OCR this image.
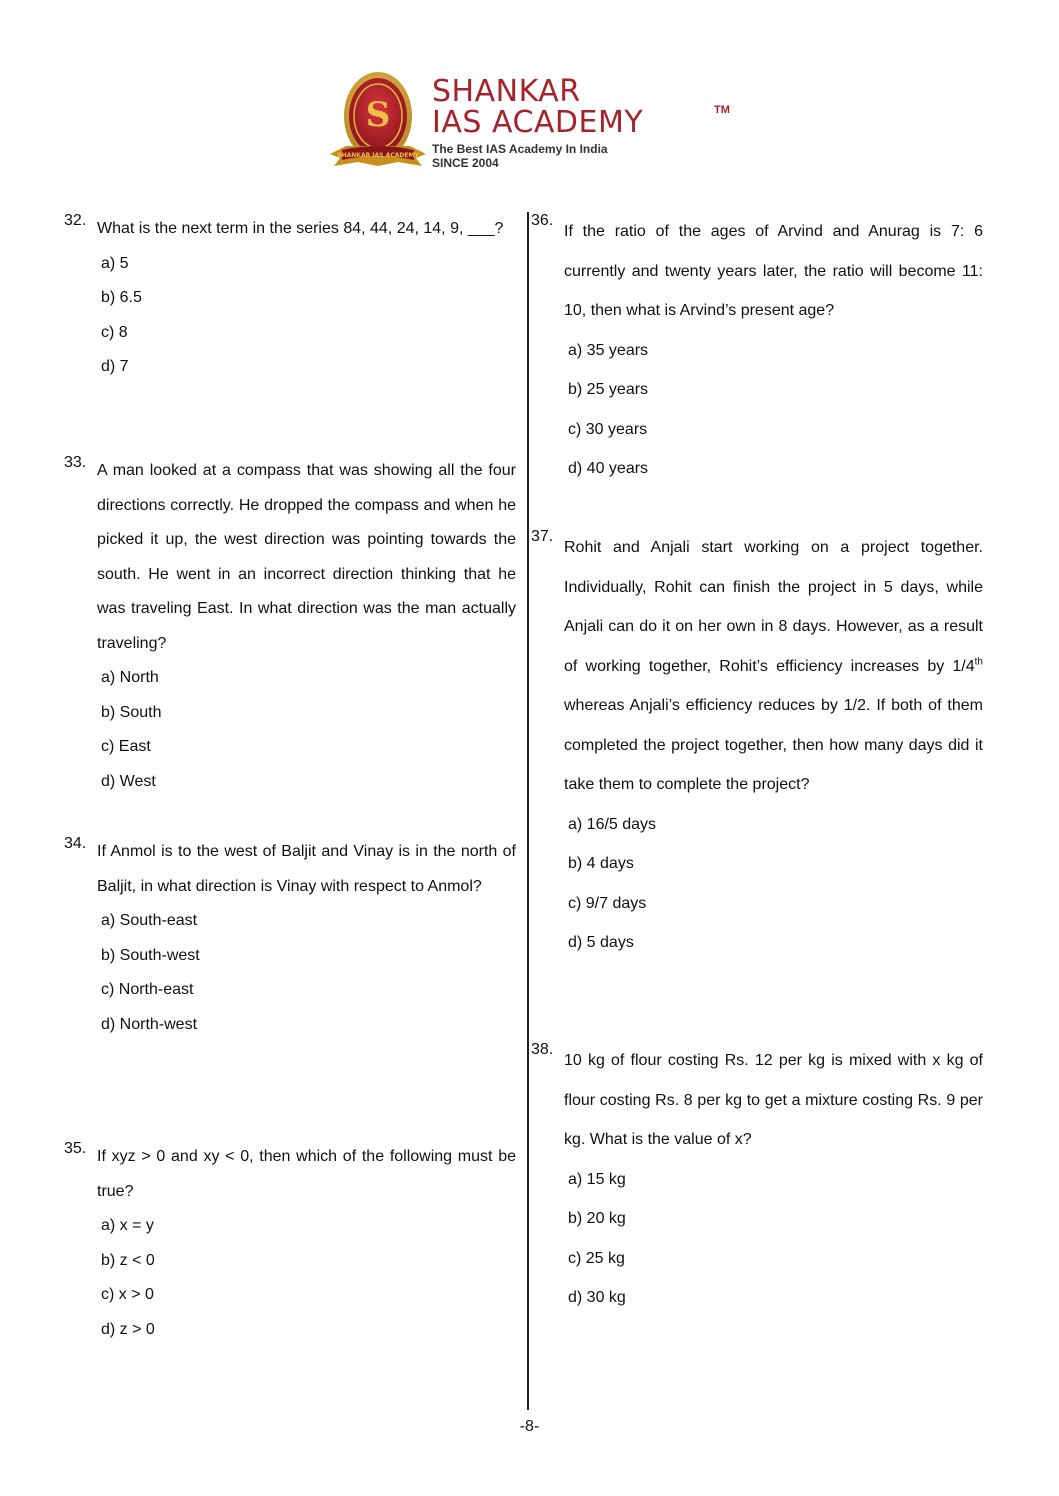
S
SHANKAR IAS ACADEMY
SHANKAR
IAS ACADEMY	TM
The Best IAS Academy In India
SINCE 2004
32. What is the next term in the series 84, 44, 24, 14, 9, ___?
a) 5
b) 6.5
c) 8
d) 7
33. A man looked at a compass that was showing all the four directions correctly. He dropped the compass and when he picked it up, the west direction was pointing towards the south. He went in an incorrect direction thinking that he was traveling East. In what direction was the man actually traveling?
a) North
b) South
c) East
d) West
34. If Anmol is to the west of Baljit and Vinay is in the north of Baljit, in what direction is Vinay with respect to Anmol?
a) South-east
b) South-west
c) North-east
d) North-west
35. If xyz > 0 and xy < 0, then which of the following must be true?
a) x = y
b) z < 0
c) x > 0
d) z > 0
36.
If the ratio of the ages of Arvind and Anurag is 7: 6 currently and twenty years later, the ratio will become 11: 10, then what is Arvind’s present age?
a) 35 years
b) 25 years
c) 30 years
d) 40 years
37.
Rohit and Anjali start working on a project together. Individually, Rohit can finish the project in 5 days, while Anjali can do it on her own in 8 days. However, as a result of working together, Rohit’s efficiency increases by 1/4th whereas Anjali’s efficiency reduces by 1/2. If both of them completed the project together, then how many days did it take them to complete the project?
a) 16/5 days
b) 4 days
c) 9/7 days
d) 5 days
38.
10 kg of flour costing Rs. 12 per kg is mixed with x kg of flour costing Rs. 8 per kg to get a mixture costing Rs. 9 per kg. What is the value of x?
a) 15 kg
b) 20 kg
c) 25 kg
d) 30 kg
-8-
